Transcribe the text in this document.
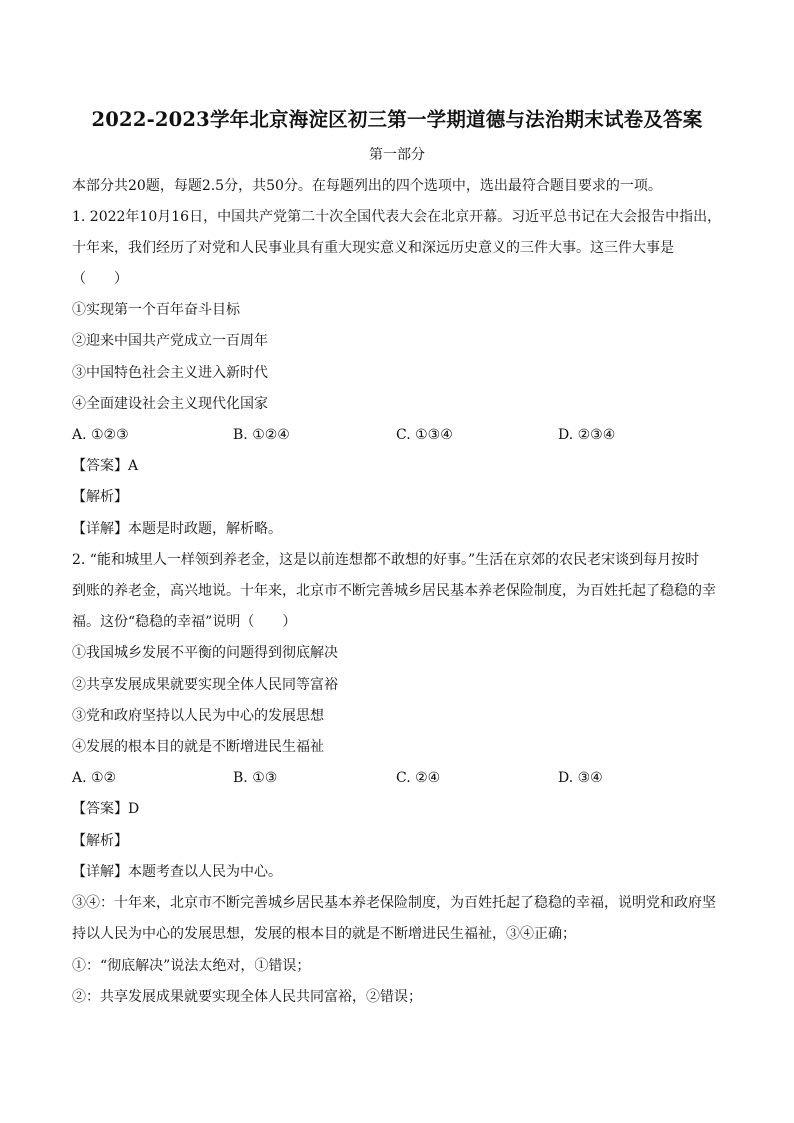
2022-2023学年北京海淀区初三第一学期道德与法治期末试卷及答案
第一部分
本部分共20题，每题2.5分，共50分。在每题列出的四个选项中，选出最符合题目要求的一项。
1. 2022年10月16日，中国共产党第二十次全国代表大会在北京开幕。习近平总书记在大会报告中指出，
十年来，我们经历了对党和人民事业具有重大现实意义和深远历史意义的三件大事。这三件大事是
（　　）
①实现第一个百年奋斗目标
②迎来中国共产党成立一百周年
③中国特色社会主义进入新时代
④全面建设社会主义现代化国家
A. ①②③	B. ①②④	C. ①③④	D. ②③④
【答案】A
【解析】
【详解】本题是时政题，解析略。
2. “能和城里人一样领到养老金，这是以前连想都不敢想的好事。”生活在京郊的农民老宋谈到每月按时
到账的养老金，高兴地说。十年来，北京市不断完善城乡居民基本养老保险制度，为百姓托起了稳稳的幸
福。这份“稳稳的幸福”说明（　　）
①我国城乡发展不平衡的问题得到彻底解决
②共享发展成果就要实现全体人民同等富裕
③党和政府坚持以人民为中心的发展思想
④发展的根本目的就是不断增进民生福祉
A. ①②	B. ①③	C. ②④	D. ③④
【答案】D
【解析】
【详解】本题考查以人民为中心。
③④：十年来，北京市不断完善城乡居民基本养老保险制度，为百姓托起了稳稳的幸福，说明党和政府坚
持以人民为中心的发展思想，发展的根本目的就是不断增进民生福祉，③④正确；
①：“彻底解决”说法太绝对，①错误；
②：共享发展成果就要实现全体人民共同富裕，②错误；
